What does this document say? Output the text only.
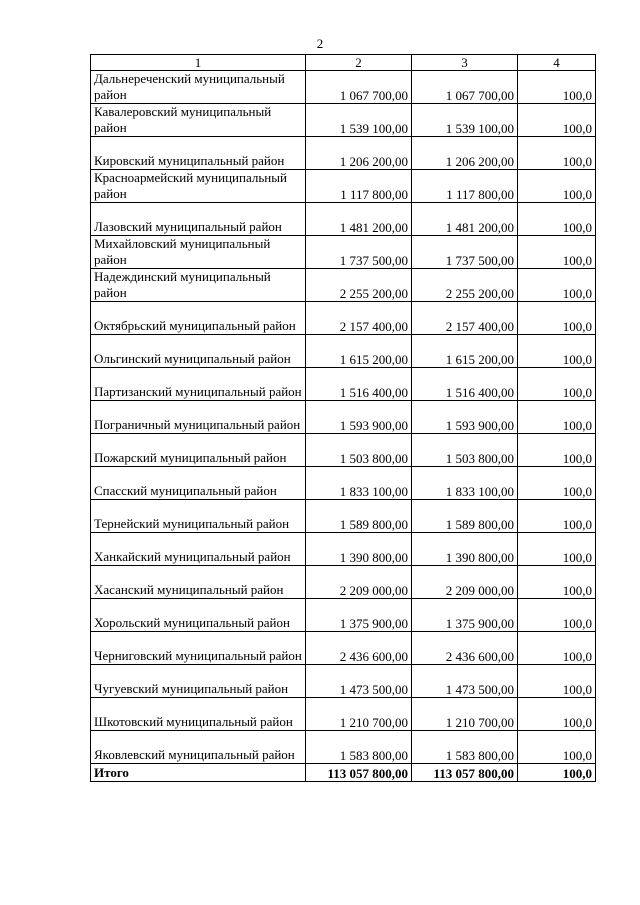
2
1	2	3	4
Дальнереченский муниципальный район	1 067 700,00	1 067 700,00	100,0
Кавалеровский муниципальный район	1 539 100,00	1 539 100,00	100,0
Кировский муниципальный район	1 206 200,00	1 206 200,00	100,0
Красноармейский муниципальный район	1 117 800,00	1 117 800,00	100,0
Лазовский муниципальный район	1 481 200,00	1 481 200,00	100,0
Михайловский муниципальный район	1 737 500,00	1 737 500,00	100,0
Надеждинский муниципальный район	2 255 200,00	2 255 200,00	100,0
Октябрьский муниципальный район	2 157 400,00	2 157 400,00	100,0
Ольгинский муниципальный район	1 615 200,00	1 615 200,00	100,0
Партизанский муниципальный район	1 516 400,00	1 516 400,00	100,0
Пограничный муниципальный район	1 593 900,00	1 593 900,00	100,0
Пожарский муниципальный район	1 503 800,00	1 503 800,00	100,0
Спасский муниципальный район	1 833 100,00	1 833 100,00	100,0
Тернейский муниципальный район	1 589 800,00	1 589 800,00	100,0
Ханкайский муниципальный район	1 390 800,00	1 390 800,00	100,0
Хасанский муниципальный район	2 209 000,00	2 209 000,00	100,0
Хорольский муниципальный район	1 375 900,00	1 375 900,00	100,0
Черниговский муниципальный район	2 436 600,00	2 436 600,00	100,0
Чугуевский муниципальный район	1 473 500,00	1 473 500,00	100,0
Шкотовский муниципальный район	1 210 700,00	1 210 700,00	100,0
Яковлевский муниципальный район	1 583 800,00	1 583 800,00	100,0
Итого	113 057 800,00	113 057 800,00	100,0
